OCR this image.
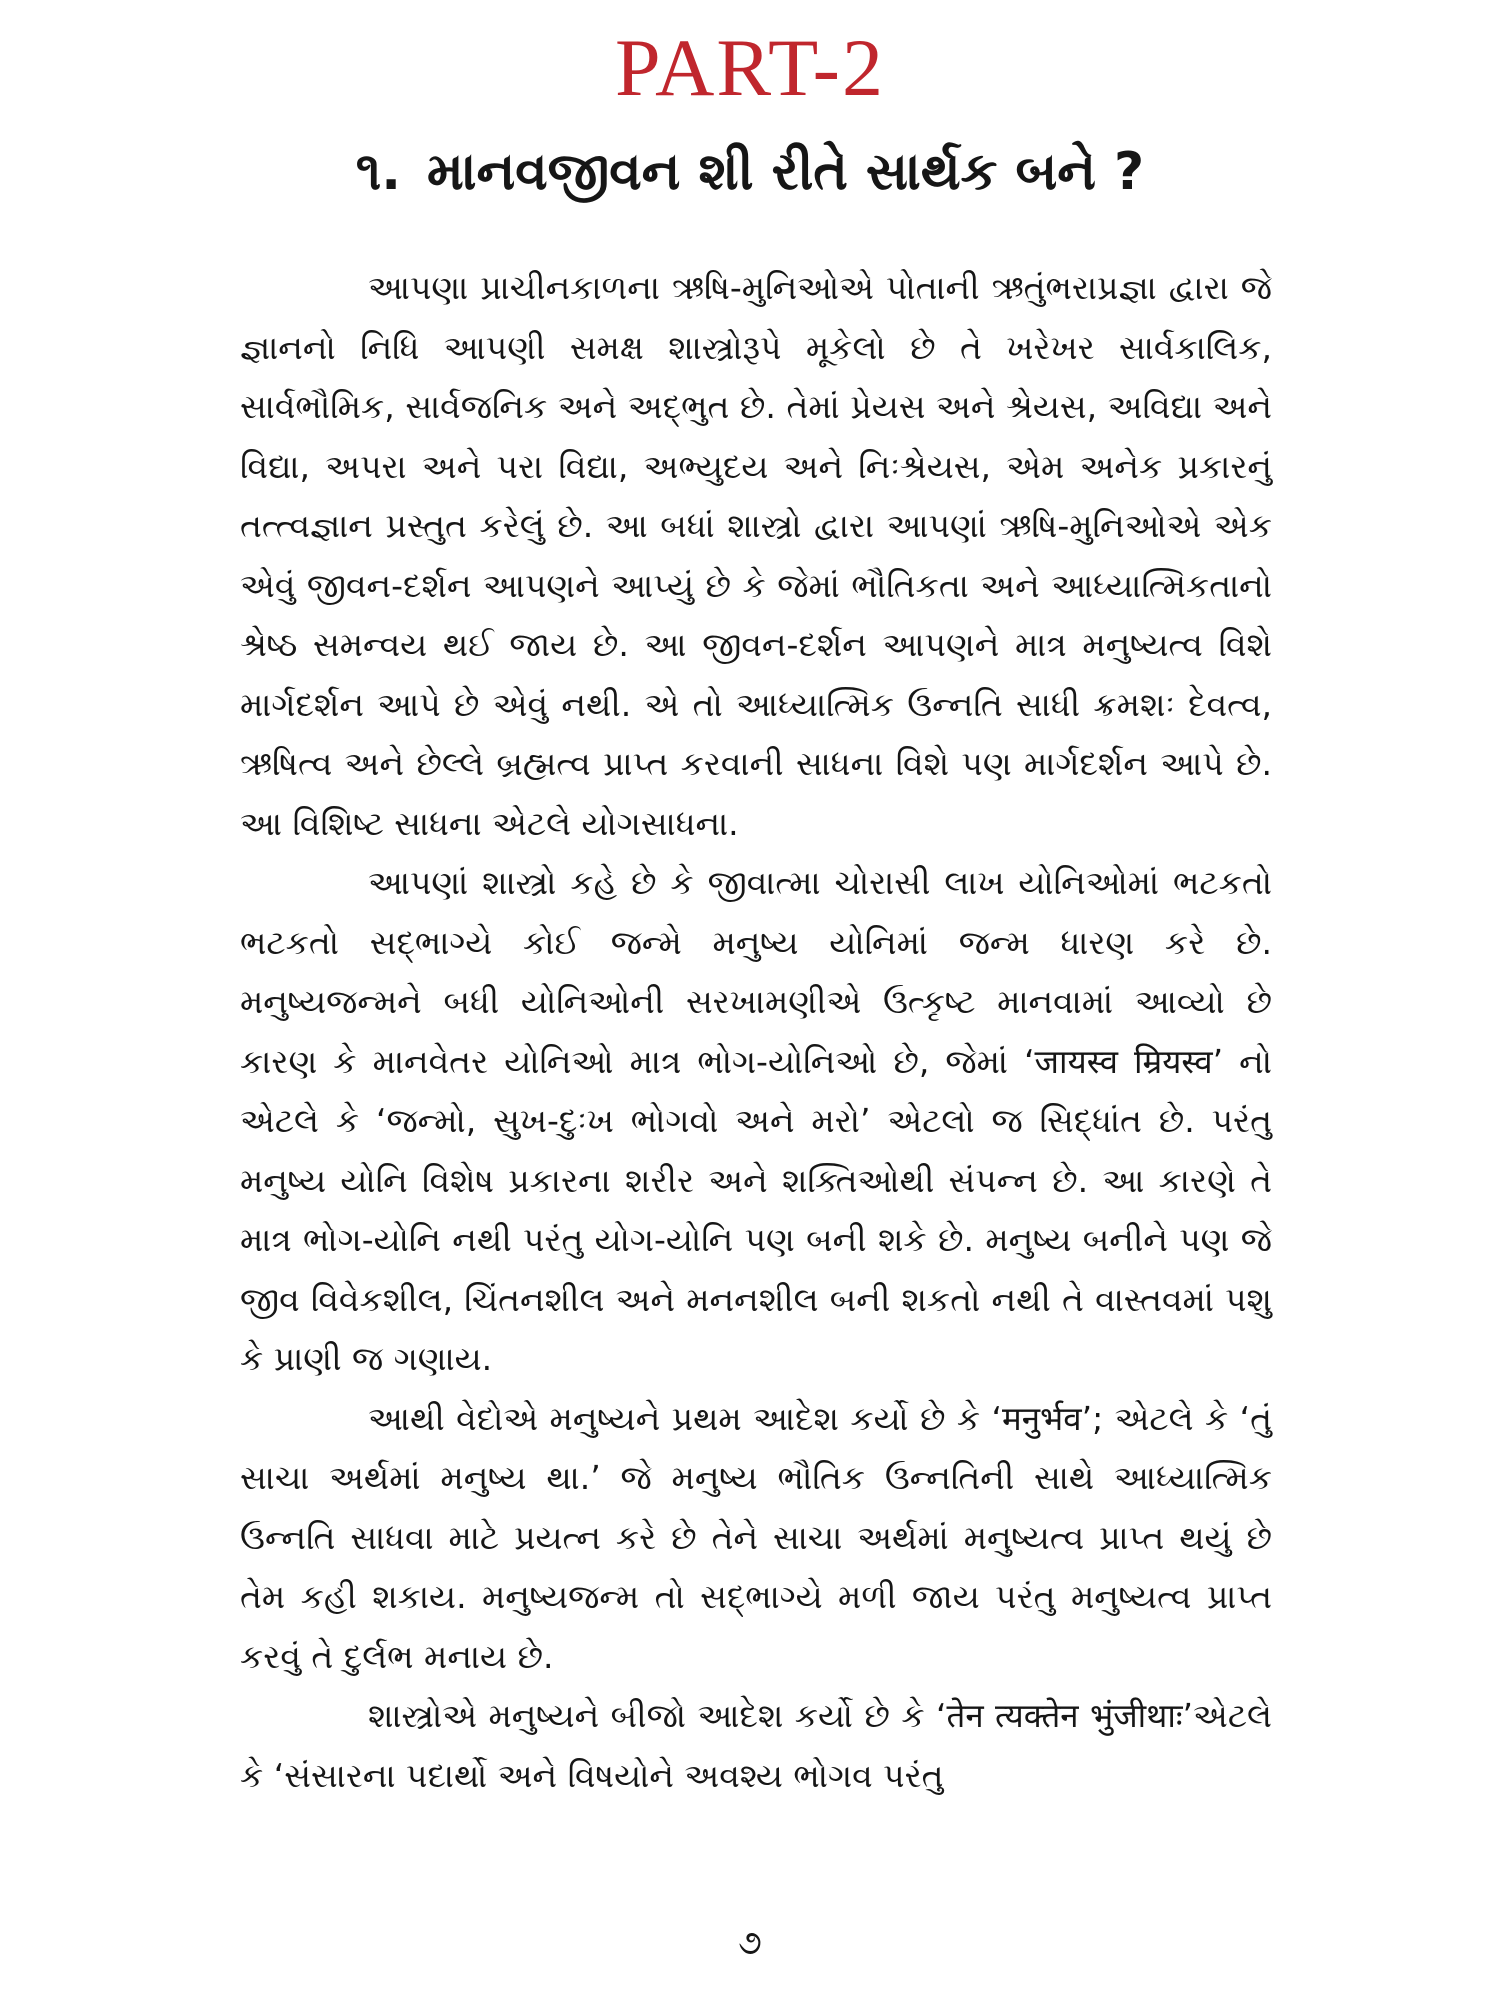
PART-2
૧. માનવજીવન શી રીતે સાર્થક બને ?

આપણા પ્રાચીનકાળના ઋષિ-મુનિઓએ પોતાની ઋતુંભરાપ્રજ્ઞા દ્વારા જે જ્ઞાનનો નિધિ આપણી સમક્ષ શાસ્ત્રોરૂપે મૂકેલો છે તે ખરેખર સાર્વકાલિક, સાર્વભૌમિક, સાર્વજનિક અને અદ્ભુત છે. તેમાં પ્રેયસ અને શ્રેયસ, અવિદ્યા અને વિદ્યા, અપરા અને પરા વિદ્યા, અભ્યુદય અને નિઃશ્રેયસ, એમ અનેક પ્રકારનું તત્ત્વજ્ઞાન પ્રસ્તુત કરેલું છે. આ બધાં શાસ્ત્રો દ્વારા આપણાં ઋષિ-મુનિઓએ એક એવું જીવન-દર્શન આપણને આપ્યું છે કે જેમાં ભૌતિકતા અને આધ્યાત્મિકતાનો શ્રેષ્ઠ સમન્વય થઈ જાય છે. આ જીવન-દર્શન આપણને માત્ર મનુષ્યત્વ વિશે માર્ગદર્શન આપે છે એવું નથી. એ તો આધ્યાત્મિક ઉન્નતિ સાધી ક્રમશઃ દેવત્વ, ઋષિત્વ અને છેલ્લે બ્રહ્મત્વ પ્રાપ્ત કરવાની સાધના વિશે પણ માર્ગદર્શન આપે છે. આ વિશિષ્ટ સાધના એટલે યોગસાધના.

આપણાં શાસ્ત્રો કહે છે કે જીવાત્મા ચોરાસી લાખ યોનિઓમાં ભટકતો ભટકતો સદ્ભાગ્યે કોઈ જન્મે મનુષ્ય યોનિમાં જન્મ ધારણ કરે છે. મનુષ્યજન્મને બધી યોનિઓની સરખામણીએ ઉત્કૃષ્ટ માનવામાં આવ્યો છે કારણ કે માનવેતર યોનિઓ માત્ર ભોગ-યોનિઓ છે, જેમાં ‘जायस्व म्रियस्व’ નો એટલે કે ‘જન્મો, સુખ-દુઃખ ભોગવો અને મરો’ એટલો જ સિદ્ધાંત છે. પરંતુ મનુષ્ય યોનિ વિશેષ પ્રકારના શરીર અને શક્તિઓથી સંપન્ન છે. આ કારણે તે માત્ર ભોગ-યોનિ નથી પરંતુ યોગ-યોનિ પણ બની શકે છે. મનુષ્ય બનીને પણ જે જીવ વિવેકશીલ, ચિંતનશીલ અને મનનશીલ બની શકતો નથી તે વાસ્તવમાં પશુ કે પ્રાણી જ ગણાય.

આથી વેદોએ મનુષ્યને પ્રથમ આદેશ કર્યો છે કે ‘मनुर्भव’; એટલે કે ‘તું સાચા અર્થમાં મનુષ્ય થા.’ જે મનુષ્ય ભૌતિક ઉન્નતિની સાથે આધ્યાત્મિક ઉન્નતિ સાધવા માટે પ્રયત્ન કરે છે તેને સાચા અર્થમાં મનુષ્યત્વ પ્રાપ્ત થયું છે તેમ કહી શકાય. મનુષ્યજન્મ તો સદ્ભાગ્યે મળી જાય પરંતુ મનુષ્યત્વ પ્રાપ્ત કરવું તે દુર્લભ મનાય છે.

શાસ્ત્રોએ મનુષ્યને બીજો આદેશ કર્યો છે કે ‘तेन त्यक्तेन भुंजीथाः’એટલે કે ‘સંસારના પદાર્થો અને વિષયોને અવશ્ય ભોગવ પરંતુ

૭
